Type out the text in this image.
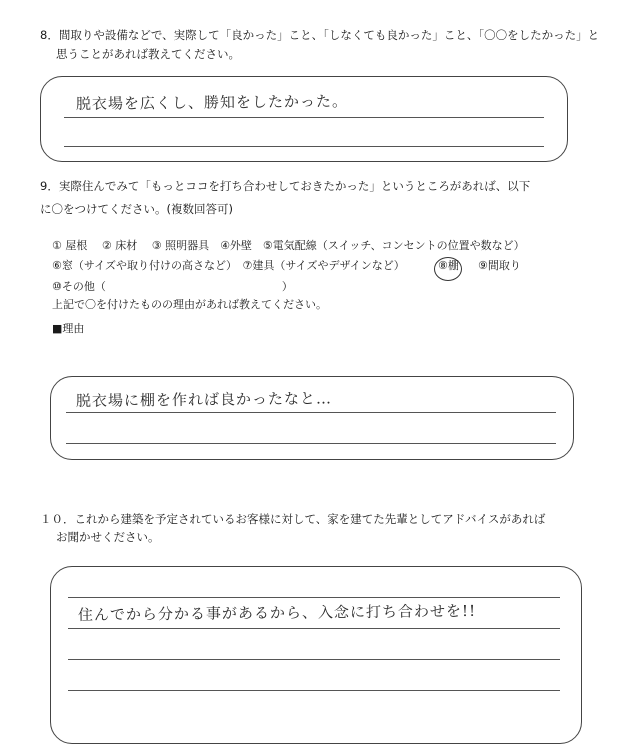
8．間取りや設備などで、実際して「良かった」こと、「しなくても良かった」こと、「〇〇をしたかった」と
思うことがあれば教えてください。
脱衣場を広くし、勝知をしたかった。
9．実際住んでみて「もっとココを打ち合わせしておきたかった」というところがあれば、以下
に〇をつけてください。(複数回答可)
① 屋根　 ② 床材　 ③ 照明器具　④外壁　⑤電気配線（スイッチ、コンセントの位置や数など）
⑥窓（サイズや取り付けの高さなど）　⑦建具（サイズやデザインなど）	⑧棚 ⑨間取り
⑩その他（　　　　　　　　　　　　　　　　）
上記で〇を付けたものの理由があれば教えてください。
■理由
脱衣場に棚を作れば良かったなと…
１０．これから建築を予定されているお客様に対して、家を建てた先輩としてアドバイスがあれば
お聞かせください。
住んでから分かる事があるから、入念に打ち合わせを!!
